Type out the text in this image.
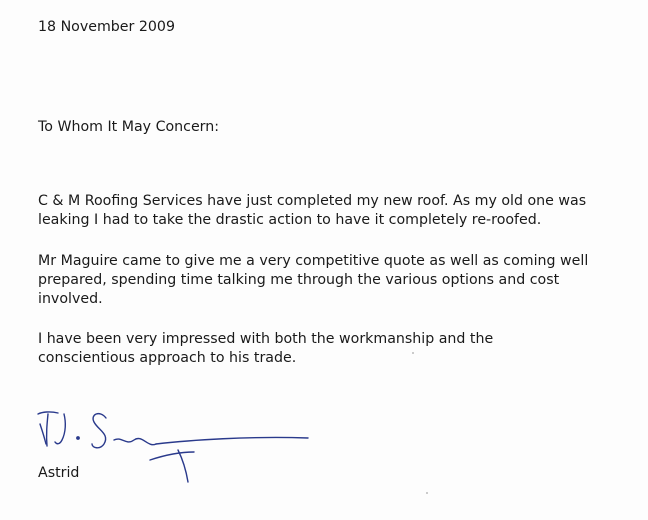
18 November 2009

To Whom It May Concern:

C & M Roofing Services have just completed my new roof. As my old one was
leaking I had to take the drastic action to have it completely re-roofed.

Mr Maguire came to give me a very competitive quote as well as coming well
prepared, spending time talking me through the various options and cost
involved.

I have been very impressed with both the workmanship and the
conscientious approach to his trade.

Astrid
